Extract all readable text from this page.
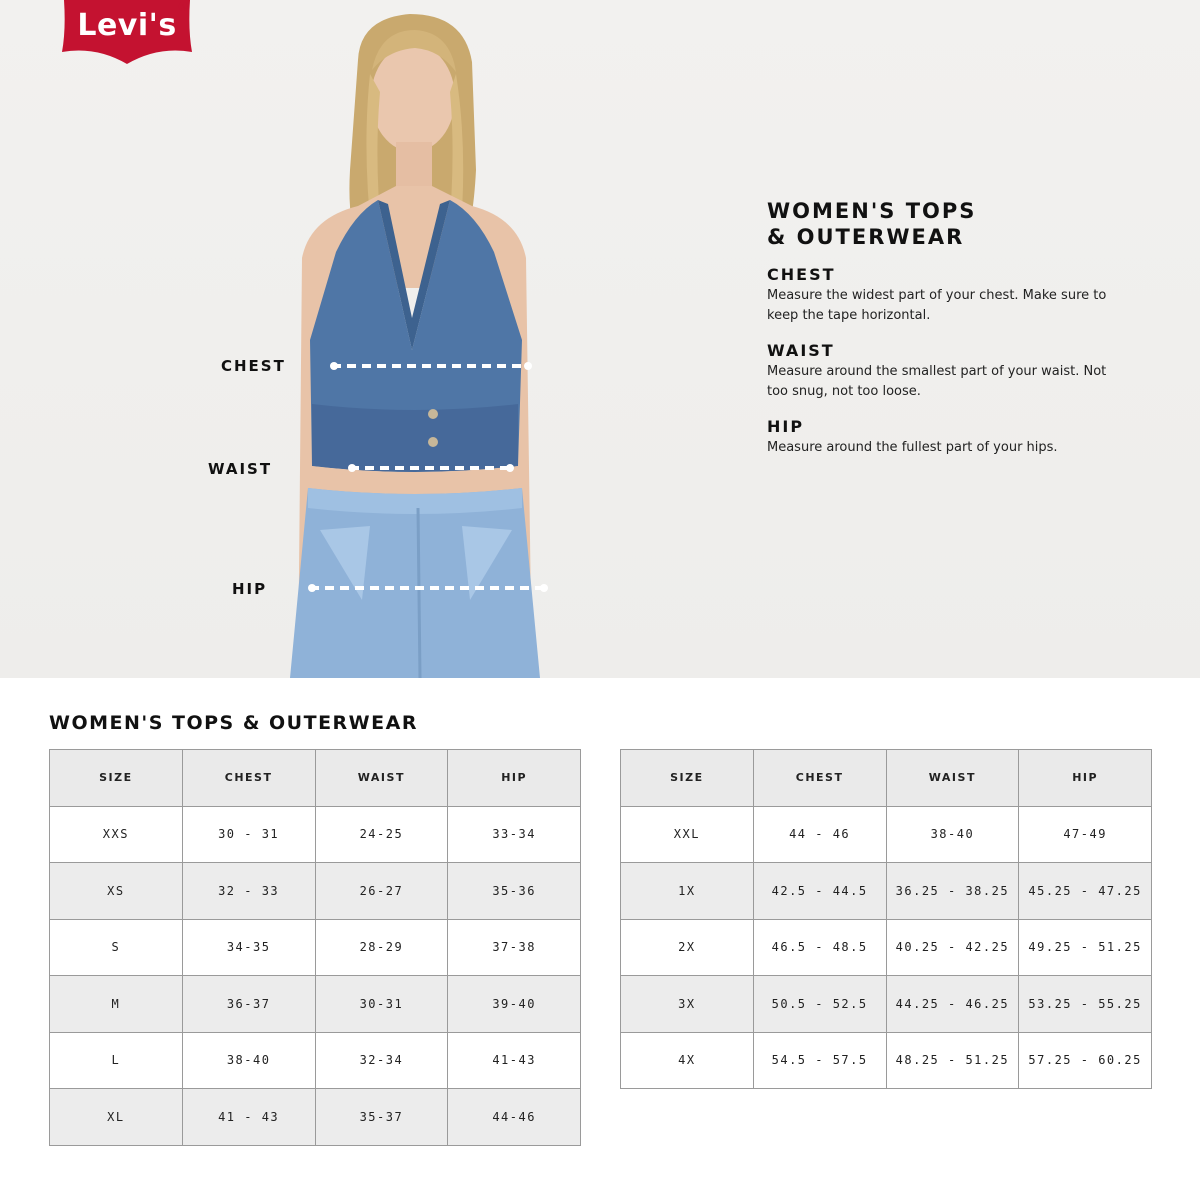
Levi's
®
CHEST
WAIST
HIP
WOMEN'S TOPS
& OUTERWEAR
CHEST
Measure the widest part of your chest. Make sure to keep the tape horizontal.
WAIST
Measure around the smallest part of your waist. Not too snug, not too loose.
HIP
Measure around the fullest part of your hips.
WOMEN'S TOPS & OUTERWEAR
SIZE	CHEST	WAIST	HIP
XXS	30 - 31	24-25	33-34
XS	32 - 33	26-27	35-36
S	34-35	28-29	37-38
M	36-37	30-31	39-40
L	38-40	32-34	41-43
XL	41 - 43	35-37	44-46
SIZE	CHEST	WAIST	HIP
XXL	44 - 46	38-40	47-49
1X	42.5 - 44.5	36.25 - 38.25	45.25 - 47.25
2X	46.5 - 48.5	40.25 - 42.25	49.25 - 51.25
3X	50.5 - 52.5	44.25 - 46.25	53.25 - 55.25
4X	54.5 - 57.5	48.25 - 51.25	57.25 - 60.25
